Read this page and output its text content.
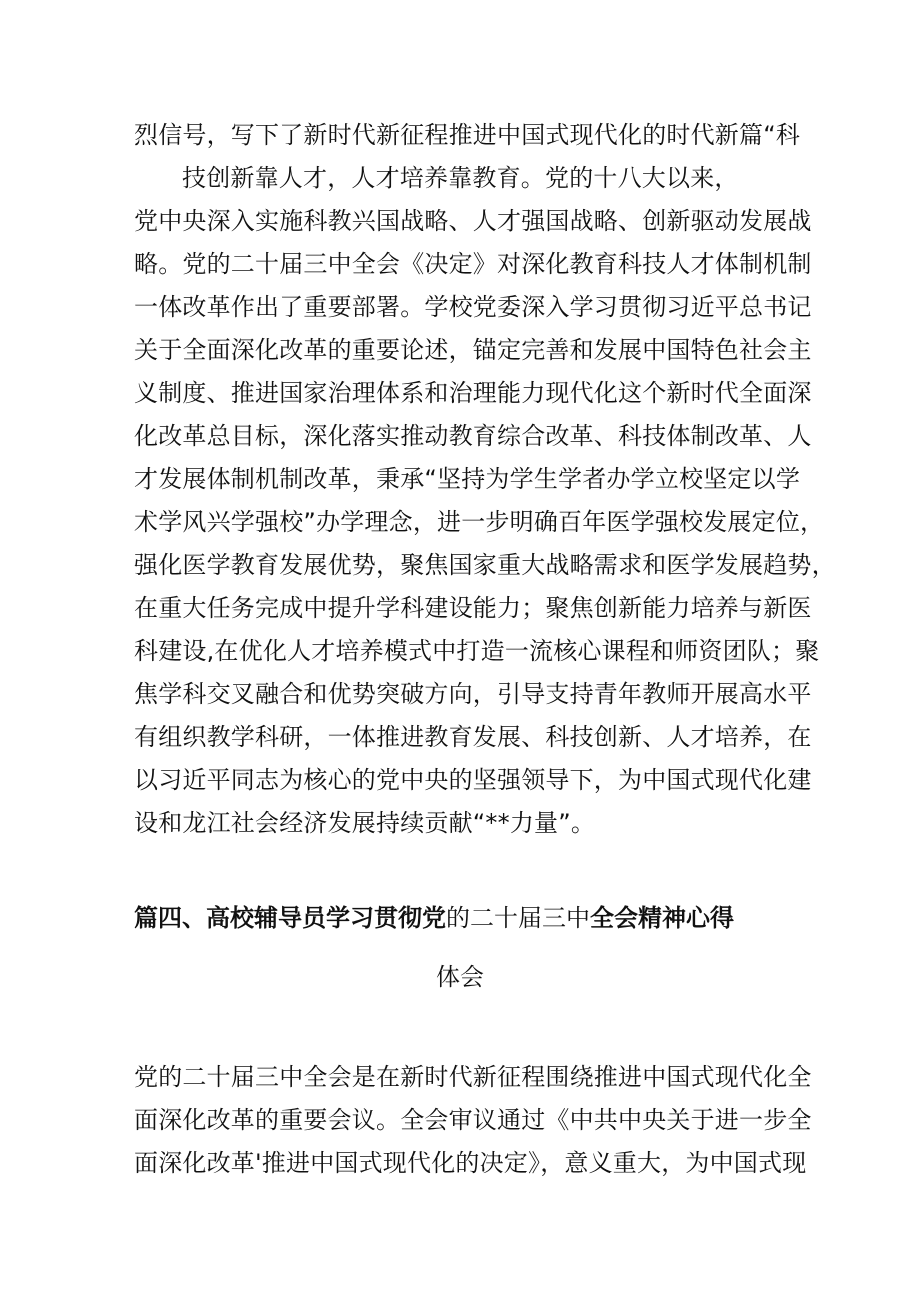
烈信号，写下了新时代新征程推进中国式现代化的时代新篇“科
技创新靠人才，人才培养靠教育。党的十八大以来，
党中央深入实施科教兴国战略、人才强国战略、创新驱动发展战
略。党的二十届三中全会《决定》对深化教育科技人才体制机制
一体改革作出了重要部署。学校党委深入学习贯彻习近平总书记
关于全面深化改革的重要论述，锚定完善和发展中国特色社会主
义制度、推进国家治理体系和治理能力现代化这个新时代全面深
化改革总目标，深化落实推动教育综合改革、科技体制改革、人
才发展体制机制改革，秉承“坚持为学生学者办学立校坚定以学
术学风兴学强校”办学理念，进一步明确百年医学强校发展定位，
强化医学教育发展优势，聚焦国家重大战略需求和医学发展趋势，
在重大任务完成中提升学科建设能力；聚焦创新能力培养与新医
科建设,在优化人才培养模式中打造一流核心课程和师资团队；聚
焦学科交叉融合和优势突破方向，引导支持青年教师开展高水平
有组织教学科研，一体推进教育发展、科技创新、人才培养，在
以习近平同志为核心的党中央的坚强领导下，为中国式现代化建
设和龙江社会经济发展持续贡献“**力量”。
篇四、高校辅导员学习贯彻党的二十届三中全会精神心得
体会
党的二十届三中全会是在新时代新征程围绕推进中国式现代化全
面深化改革的重要会议。全会审议通过《中共中央关于进一步全
面深化改革'推进中国式现代化的决定》，意义重大，为中国式现
